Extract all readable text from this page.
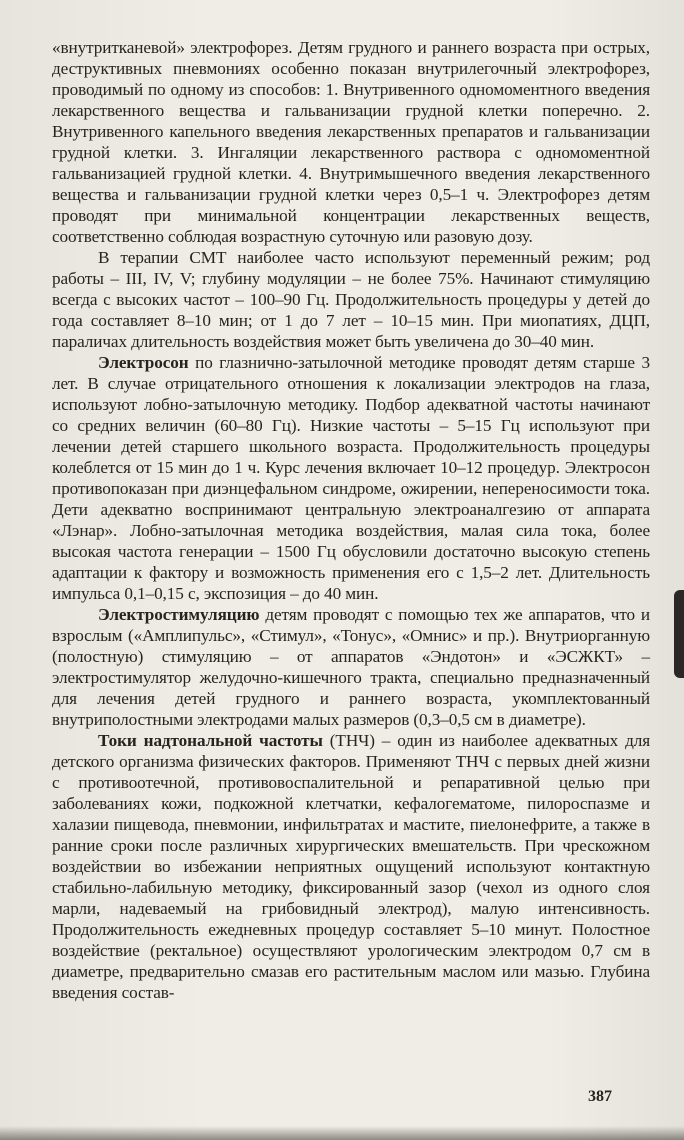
«внутритканевой» электрофорез. Детям грудного и раннего возраста при острых, деструктивных пневмониях особенно показан внутрилегочный электрофорез, проводимый по одному из способов: 1. Внутривенного одномоментного введения лекарственного вещества и гальванизации грудной клетки поперечно. 2. Внутривенного капельного введения лекарственных препаратов и гальванизации грудной клетки. 3. Ингаляции лекарственного раствора с одномоментной гальванизацией грудной клетки. 4. Внутримышечного введения лекарственного вещества и гальванизации грудной клетки через 0,5–1 ч. Электрофорез детям проводят при минимальной концентрации лекарственных веществ, соответственно соблюдая возрастную суточную или разовую дозу.

В терапии СМТ наиболее часто используют переменный режим; род работы – III, IV, V; глубину модуляции – не более 75%. Начинают стимуляцию всегда с высоких частот – 100–90 Гц. Продолжительность процедуры у детей до года составляет 8–10 мин; от 1 до 7 лет – 10–15 мин. При миопатиях, ДЦП, параличах длительность воздействия может быть увеличена до 30–40 мин.

Электросон по глазнично-затылочной методике проводят детям старше 3 лет. В случае отрицательного отношения к локализации электродов на глаза, используют лобно-затылочную методику. Подбор адекватной частоты начинают со средних величин (60–80 Гц). Низкие частоты – 5–15 Гц используют при лечении детей старшего школьного возраста. Продолжительность процедуры колеблется от 15 мин до 1 ч. Курс лечения включает 10–12 процедур. Электросон противопоказан при диэнцефальном синдроме, ожирении, непереносимости тока. Дети адекватно воспринимают центральную электроаналгезию от аппарата «Лэнар». Лобно-затылочная методика воздействия, малая сила тока, более высокая частота генерации – 1500 Гц обусловили достаточно высокую степень адаптации к фактору и возможность применения его с 1,5–2 лет. Длительность импульса 0,1–0,15 с, экспозиция – до 40 мин.

Электростимуляцию детям проводят с помощью тех же аппаратов, что и взрослым («Амплипульс», «Стимул», «Тонус», «Омнис» и пр.). Внутриорганную (полостную) стимуляцию – от аппаратов «Эндотон» и «ЭСЖКТ» – электростимулятор желудочно-кишечного тракта, специально предназначенный для лечения детей грудного и раннего возраста, укомплектованный внутриполостными электродами малых размеров (0,3–0,5 см в диаметре).

Токи надтональной частоты (ТНЧ) – один из наиболее адекватных для детского организма физических факторов. Применяют ТНЧ с первых дней жизни с противоотечной, противовоспалительной и репаративной целью при заболеваниях кожи, подкожной клетчатки, кефалогематоме, пилороспазме и халазии пищевода, пневмонии, инфильтратах и мастите, пиелонефрите, а также в ранние сроки после различных хирургических вмешательств. При чрескожном воздействии во избежании неприятных ощущений используют контактную стабильно-лабильную методику, фиксированный зазор (чехол из одного слоя марли, надеваемый на грибовидный электрод), малую интенсивность. Продолжительность ежедневных процедур составляет 5–10 минут. Полостное воздействие (ректальное) осуществляют урологическим электродом 0,7 см в диаметре, предварительно смазав его растительным маслом или мазью. Глубина введения состав-

387
